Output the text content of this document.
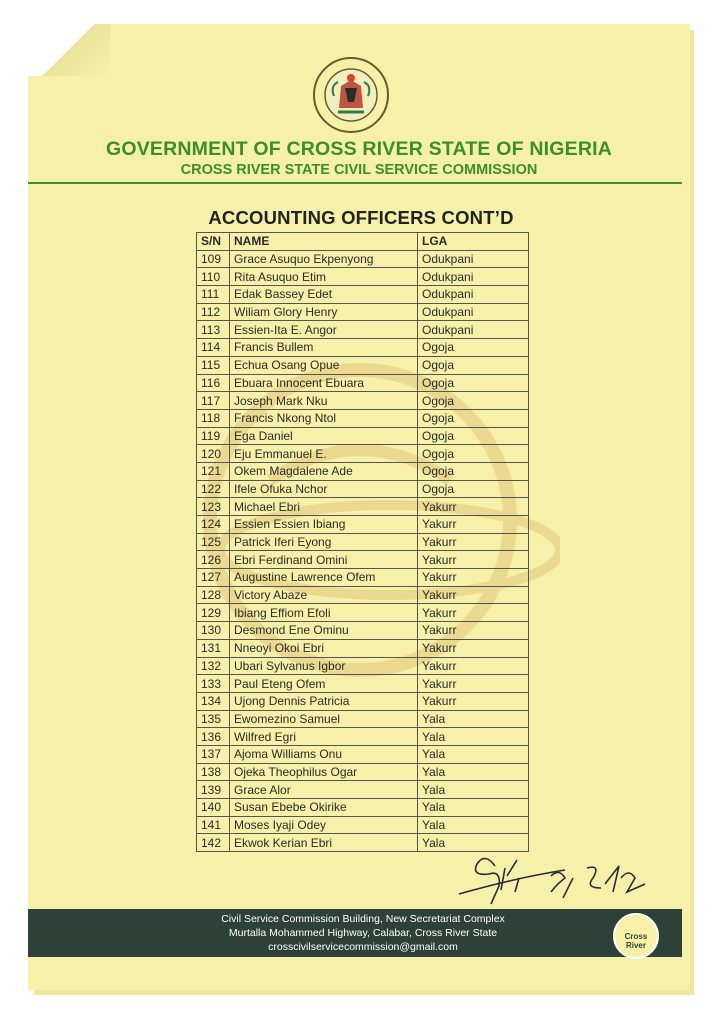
GOVERNMENT OF CROSS RIVER STATE OF NIGERIA
CROSS RIVER STATE CIVIL SERVICE COMMISSION
ACCOUNTING OFFICERS CONT’D
S/N	NAME	LGA
109	Grace Asuquo Ekpenyong	Odukpani
110	Rita Asuquo Etim	Odukpani
111	Edak Bassey Edet	Odukpani
112	Wiliam Glory Henry	Odukpani
113	Essien-Ita E. Angor	Odukpani
114	Francis Bullem	Ogoja
115	Echua Osang Opue	Ogoja
116	Ebuara Innocent Ebuara	Ogoja
117	Joseph Mark Nku	Ogoja
118	Francis Nkong Ntol	Ogoja
119	Ega Daniel	Ogoja
120	Eju Emmanuel E.	Ogoja
121	Okem Magdalene Ade	Ogoja
122	Ifele Ofuka Nchor	Ogoja
123	Michael Ebri	Yakurr
124	Essien Essien Ibiang	Yakurr
125	Patrick Iferi Eyong	Yakurr
126	Ebri Ferdinand Omini	Yakurr
127	Augustine Lawrence Ofem	Yakurr
128	Victory Abaze	Yakurr
129	Ibiang Effiom Efoli	Yakurr
130	Desmond Ene Ominu	Yakurr
131	Nneoyi Okoi Ebri	Yakurr
132	Ubari Sylvanus Igbor	Yakurr
133	Paul Eteng Ofem	Yakurr
134	Ujong Dennis Patricia	Yakurr
135	Ewomezino Samuel	Yala
136	Wilfred Egri	Yala
137	Ajoma Williams Onu	Yala
138	Ojeka Theophilus Ogar	Yala
139	Grace Alor	Yala
140	Susan Ebebe Okirike	Yala
141	Moses Iyaji Odey	Yala
142	Ekwok Kerian Ebri	Yala
Civil Service Commission Building, New Secretariat Complex
Murtalla Mohammed Highway, Calabar, Cross River State
crosscivilservicecommission@gmail.com
Cross River
